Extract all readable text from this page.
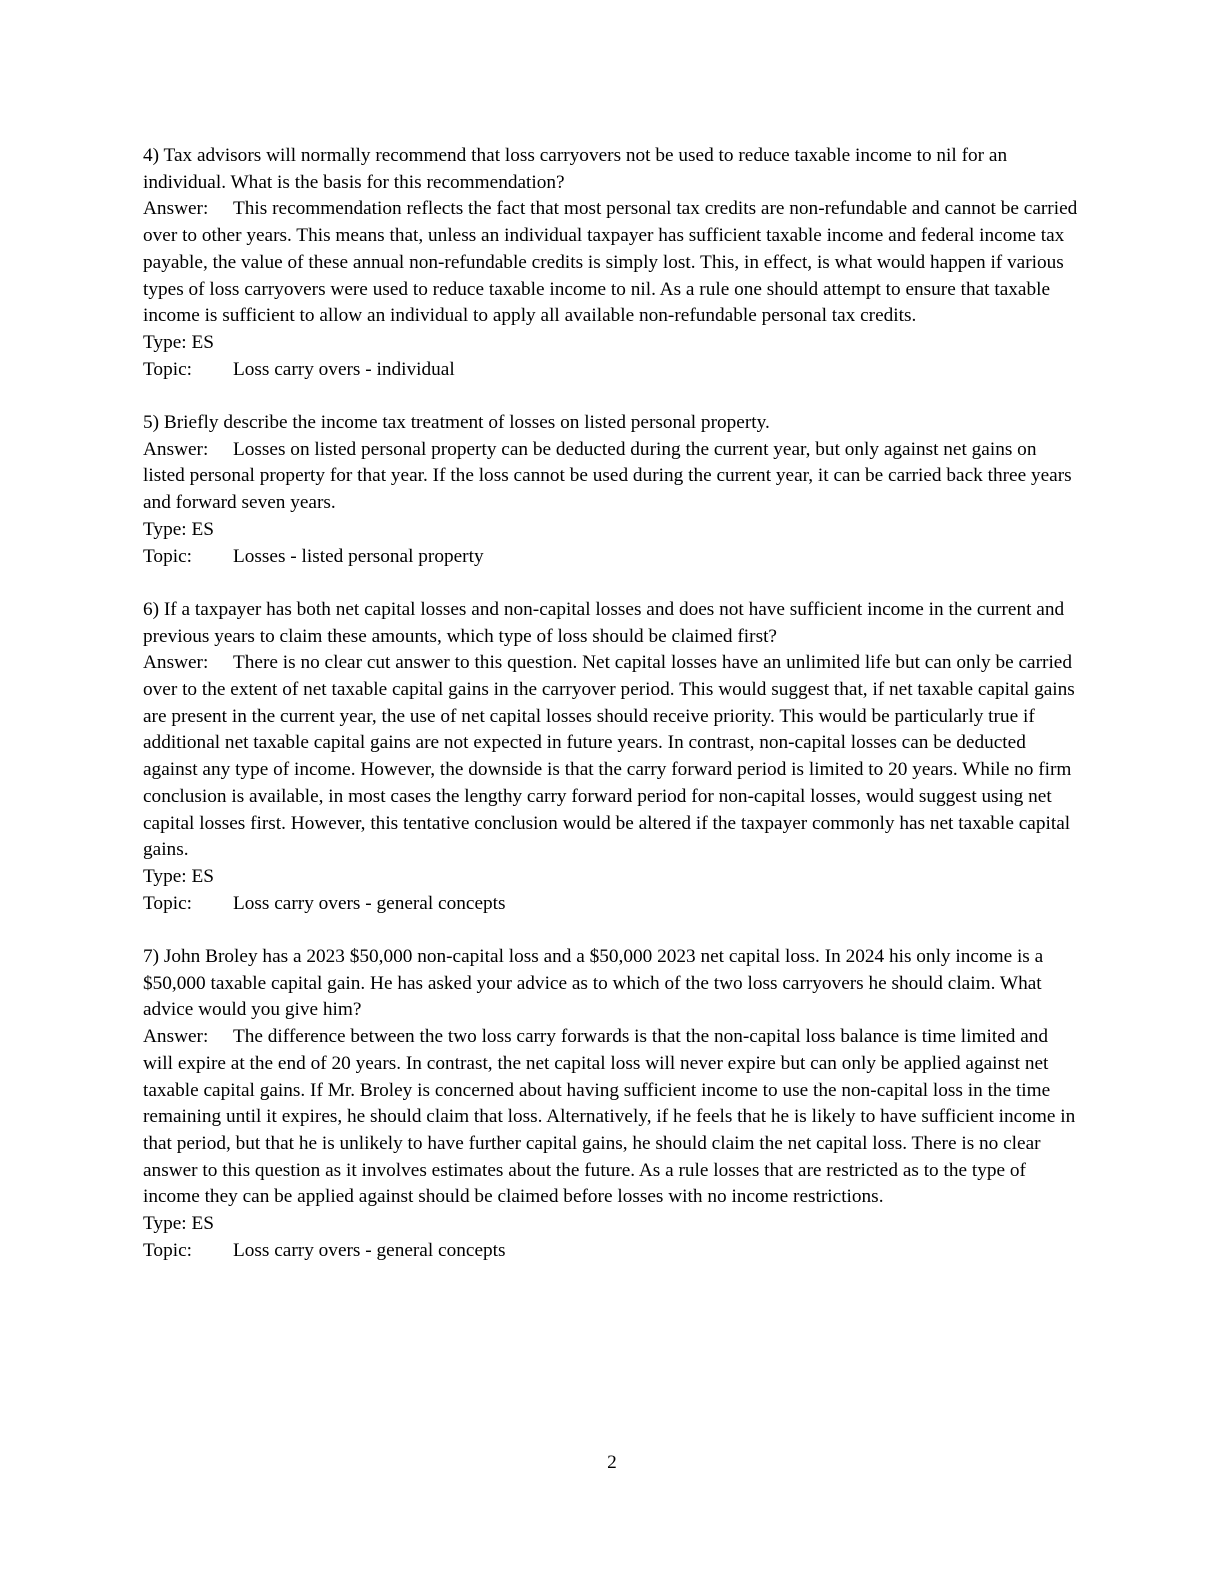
4) Tax advisors will normally recommend that loss carryovers not be used to reduce taxable income to nil for an individual. What is the basis for this recommendation?
Answer: This recommendation reflects the fact that most personal tax credits are non-refundable and cannot be carried over to other years. This means that, unless an individual taxpayer has sufficient taxable income and federal income tax payable, the value of these annual non-refundable credits is simply lost. This, in effect, is what would happen if various types of loss carryovers were used to reduce taxable income to nil. As a rule one should attempt to ensure that taxable income is sufficient to allow an individual to apply all available non-refundable personal tax credits.
Type: ES
Topic: Loss carry overs - individual
5) Briefly describe the income tax treatment of losses on listed personal property.
Answer: Losses on listed personal property can be deducted during the current year, but only against net gains on listed personal property for that year. If the loss cannot be used during the current year, it can be carried back three years and forward seven years.
Type: ES
Topic: Losses - listed personal property
6) If a taxpayer has both net capital losses and non-capital losses and does not have sufficient income in the current and previous years to claim these amounts, which type of loss should be claimed first?
Answer: There is no clear cut answer to this question. Net capital losses have an unlimited life but can only be carried over to the extent of net taxable capital gains in the carryover period. This would suggest that, if net taxable capital gains are present in the current year, the use of net capital losses should receive priority. This would be particularly true if additional net taxable capital gains are not expected in future years. In contrast, non-capital losses can be deducted against any type of income. However, the downside is that the carry forward period is limited to 20 years. While no firm conclusion is available, in most cases the lengthy carry forward period for non-capital losses, would suggest using net capital losses first. However, this tentative conclusion would be altered if the taxpayer commonly has net taxable capital gains.
Type: ES
Topic: Loss carry overs - general concepts
7) John Broley has a 2023 $50,000 non-capital loss and a $50,000 2023 net capital loss. In 2024 his only income is a $50,000 taxable capital gain. He has asked your advice as to which of the two loss carryovers he should claim. What advice would you give him?
Answer: The difference between the two loss carry forwards is that the non-capital loss balance is time limited and will expire at the end of 20 years. In contrast, the net capital loss will never expire but can only be applied against net taxable capital gains. If Mr. Broley is concerned about having sufficient income to use the non-capital loss in the time remaining until it expires, he should claim that loss. Alternatively, if he feels that he is likely to have sufficient income in that period, but that he is unlikely to have further capital gains, he should claim the net capital loss. There is no clear answer to this question as it involves estimates about the future. As a rule losses that are restricted as to the type of income they can be applied against should be claimed before losses with no income restrictions.
Type: ES
Topic: Loss carry overs - general concepts
2
